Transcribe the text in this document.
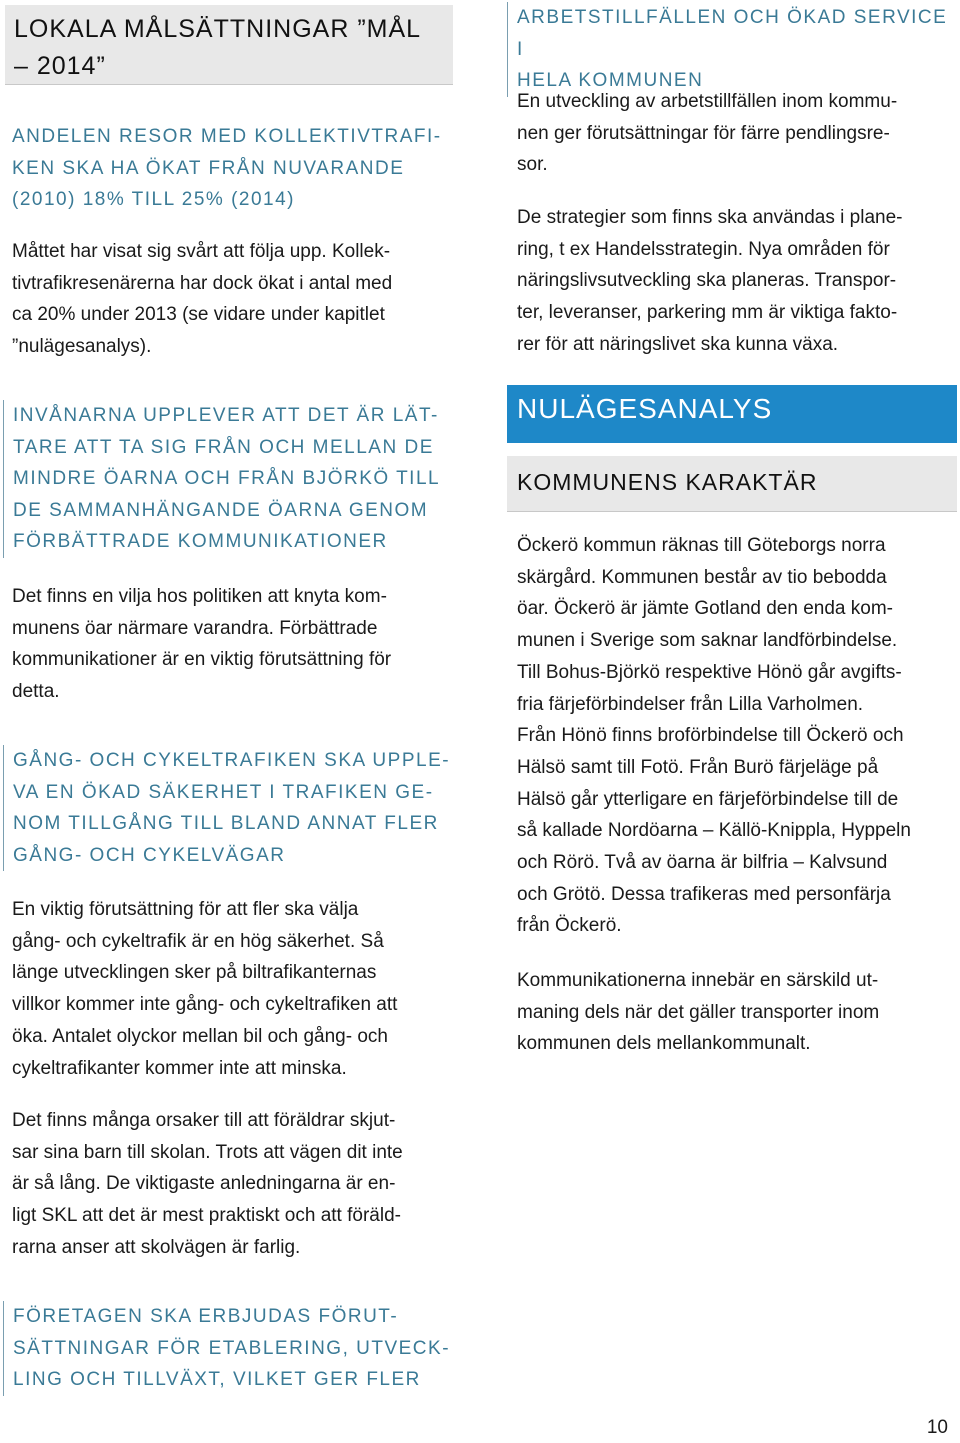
LOKALA MÅLSÄTTNINGAR ”MÅL
– 2014”
ANDELEN RESOR MED KOLLEKTIVTRAFI-
KEN SKA HA ÖKAT FRÅN NUVARANDE
(2010) 18% TILL 25% (2014)
Måttet har visat sig svårt att följa upp. Kollek-
tivtrafikresenärerna har dock ökat i antal med
ca 20% under 2013 (se vidare under kapitlet
”nulägesanalys).
INVÅNARNA UPPLEVER ATT DET ÄR LÄT-
TARE ATT TA SIG FRÅN OCH MELLAN DE
MINDRE ÖARNA OCH FRÅN BJÖRKÖ TILL
DE SAMMANHÄNGANDE ÖARNA GENOM
FÖRBÄTTRADE KOMMUNIKATIONER
Det finns en vilja hos politiken att knyta kom-
munens öar närmare varandra. Förbättrade
kommunikationer är en viktig förutsättning för
detta.
GÅNG- OCH CYKELTRAFIKEN SKA UPPLE-
VA EN ÖKAD SÄKERHET I TRAFIKEN GE-
NOM TILLGÅNG TILL BLAND ANNAT FLER
GÅNG- OCH CYKELVÄGAR
En viktig förutsättning för att fler ska välja
gång- och cykeltrafik är en hög säkerhet. Så
länge utvecklingen sker på biltrafikanternas
villkor kommer inte gång- och cykeltrafiken att
öka. Antalet olyckor mellan bil och gång- och
cykeltrafikanter kommer inte att minska.
Det finns många orsaker till att föräldrar skjut-
sar sina barn till skolan. Trots att vägen dit inte
är så lång. De viktigaste anledningarna är en-
ligt SKL att det är mest praktiskt och att föräld-
rarna anser att skolvägen är farlig.
FÖRETAGEN SKA ERBJUDAS FÖRUT-
SÄTTNINGAR FÖR ETABLERING, UTVECK-
LING OCH TILLVÄXT, VILKET GER FLER
ARBETSTILLFÄLLEN OCH ÖKAD SERVICE I
HELA KOMMUNEN
En utveckling av arbetstillfällen inom kommu-
nen ger förutsättningar för färre pendlingsre-
sor.
De strategier som finns ska användas i plane-
ring, t ex Handelsstrategin. Nya områden för
näringslivsutveckling ska planeras. Transpor-
ter, leveranser, parkering mm är viktiga fakto-
rer för att näringslivet ska kunna växa.
NULÄGESANALYS
KOMMUNENS KARAKTÄR
Öckerö kommun räknas till Göteborgs norra
skärgård. Kommunen består av tio bebodda
öar. Öckerö är jämte Gotland den enda kom-
munen i Sverige som saknar landförbindelse.
Till Bohus-Björkö respektive Hönö går avgifts-
fria färjeförbindelser från Lilla Varholmen.
Från Hönö finns broförbindelse till Öckerö och
Hälsö samt till Fotö. Från Burö färjeläge på
Hälsö går ytterligare en färjeförbindelse till de
så kallade Nordöarna – Källö-Knippla, Hyppeln
och Rörö. Två av öarna är bilfria – Kalvsund
och Grötö. Dessa trafikeras med personfärja
från Öckerö.
Kommunikationerna innebär en särskild ut-
maning dels när det gäller transporter inom
kommunen dels mellankommunalt.
10
